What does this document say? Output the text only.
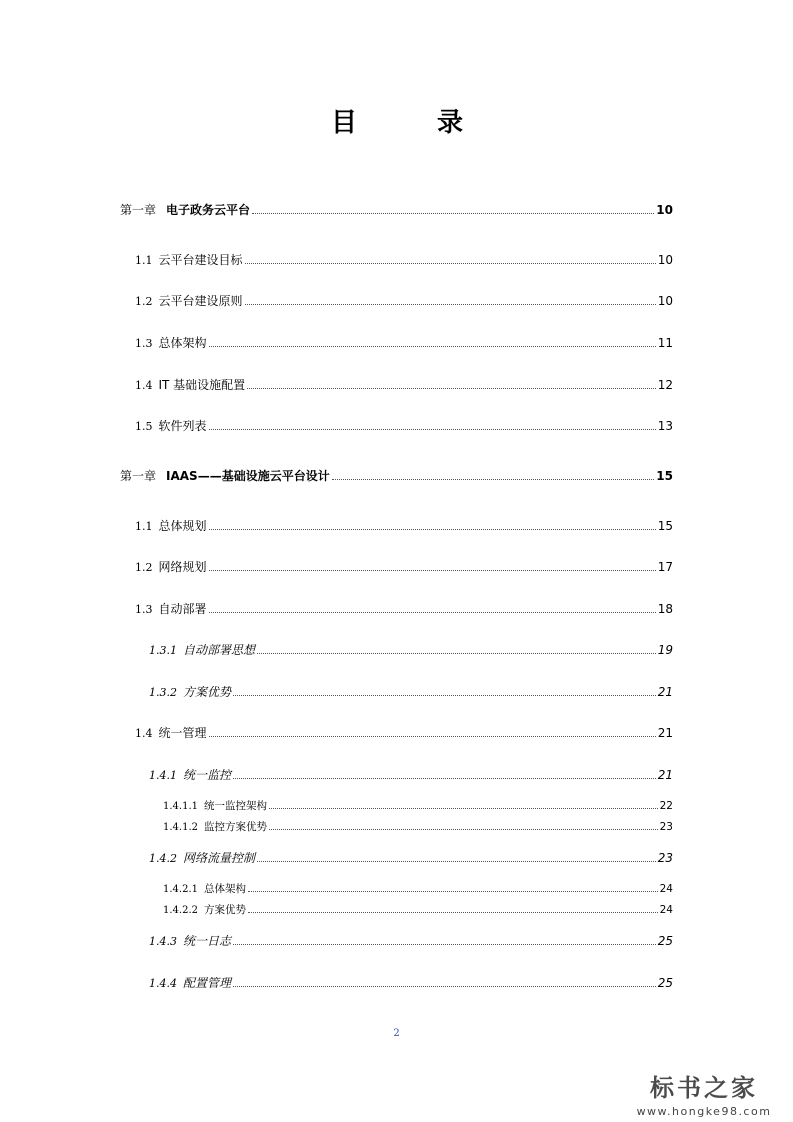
目	录
第一章 电子政务云平台	10
1.1 云平台建设目标	10
1.2 云平台建设原则	10
1.3 总体架构	11
1.4 IT 基础设施配置	12
1.5 软件列表	13
第一章 IAAS——基础设施云平台设计	15
1.1 总体规划	15
1.2 网络规划	17
1.3 自动部署	18
1.3.1 自动部署思想	19
1.3.2 方案优势	21
1.4 统一管理	21
1.4.1 统一监控	21
1.4.1.1 统一监控架构	22
1.4.1.2 监控方案优势	23
1.4.2 网络流量控制	23
1.4.2.1 总体架构	24
1.4.2.2 方案优势	24
1.4.3 统一日志	25
1.4.4 配置管理	25
2
标书之家
www.hongke98.com
